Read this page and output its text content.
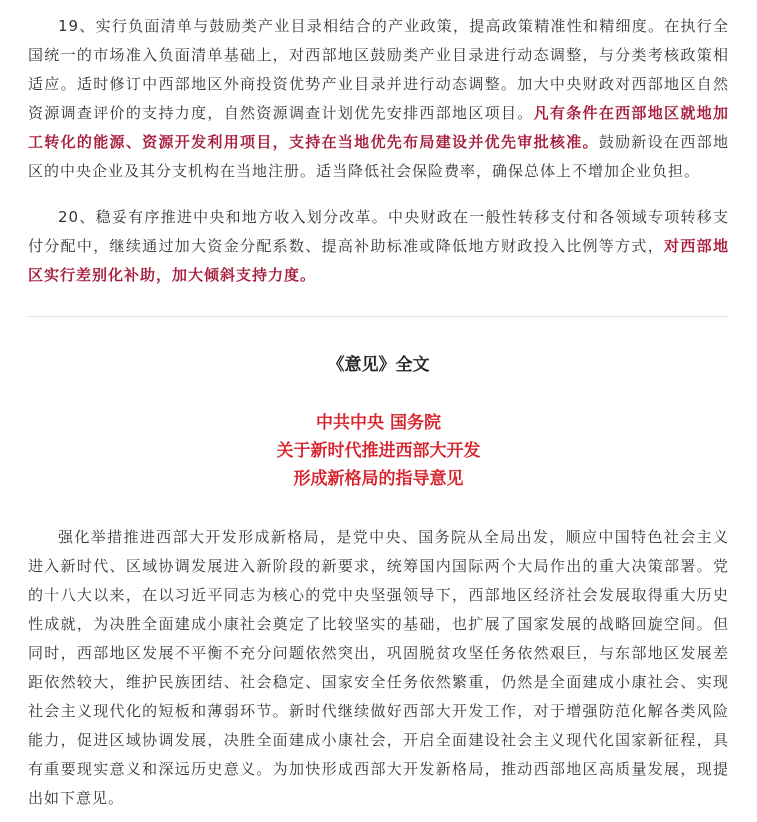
19、实行负面清单与鼓励类产业目录相结合的产业政策，提高政策精准性和精细度。在执行全国统一的市场准入负面清单基础上，对西部地区鼓励类产业目录进行动态调整，与分类考核政策相适应。适时修订中西部地区外商投资优势产业目录并进行动态调整。加大中央财政对西部地区自然资源调查评价的支持力度，自然资源调查计划优先安排西部地区项目。凡有条件在西部地区就地加工转化的能源、资源开发利用项目，支持在当地优先布局建设并优先审批核准。鼓励新设在西部地区的中央企业及其分支机构在当地注册。适当降低社会保险费率，确保总体上不增加企业负担。

20、稳妥有序推进中央和地方收入划分改革。中央财政在一般性转移支付和各领域专项转移支付分配中，继续通过加大资金分配系数、提高补助标准或降低地方财政投入比例等方式，对西部地区实行差别化补助，加大倾斜支持力度。

《意见》全文
中共中央 国务院
关于新时代推进西部大开发
形成新格局的指导意见

强化举措推进西部大开发形成新格局，是党中央、国务院从全局出发，顺应中国特色社会主义进入新时代、区域协调发展进入新阶段的新要求，统筹国内国际两个大局作出的重大决策部署。党的十八大以来，在以习近平同志为核心的党中央坚强领导下，西部地区经济社会发展取得重大历史性成就，为决胜全面建成小康社会奠定了比较坚实的基础，也扩展了国家发展的战略回旋空间。但同时，西部地区发展不平衡不充分问题依然突出，巩固脱贫攻坚任务依然艰巨，与东部地区发展差距依然较大，维护民族团结、社会稳定、国家安全任务依然繁重，仍然是全面建成小康社会、实现社会主义现代化的短板和薄弱环节。新时代继续做好西部大开发工作，对于增强防范化解各类风险能力，促进区域协调发展，决胜全面建成小康社会，开启全面建设社会主义现代化国家新征程，具有重要现实意义和深远历史意义。为加快形成西部大开发新格局，推动西部地区高质量发展，现提出如下意见。
